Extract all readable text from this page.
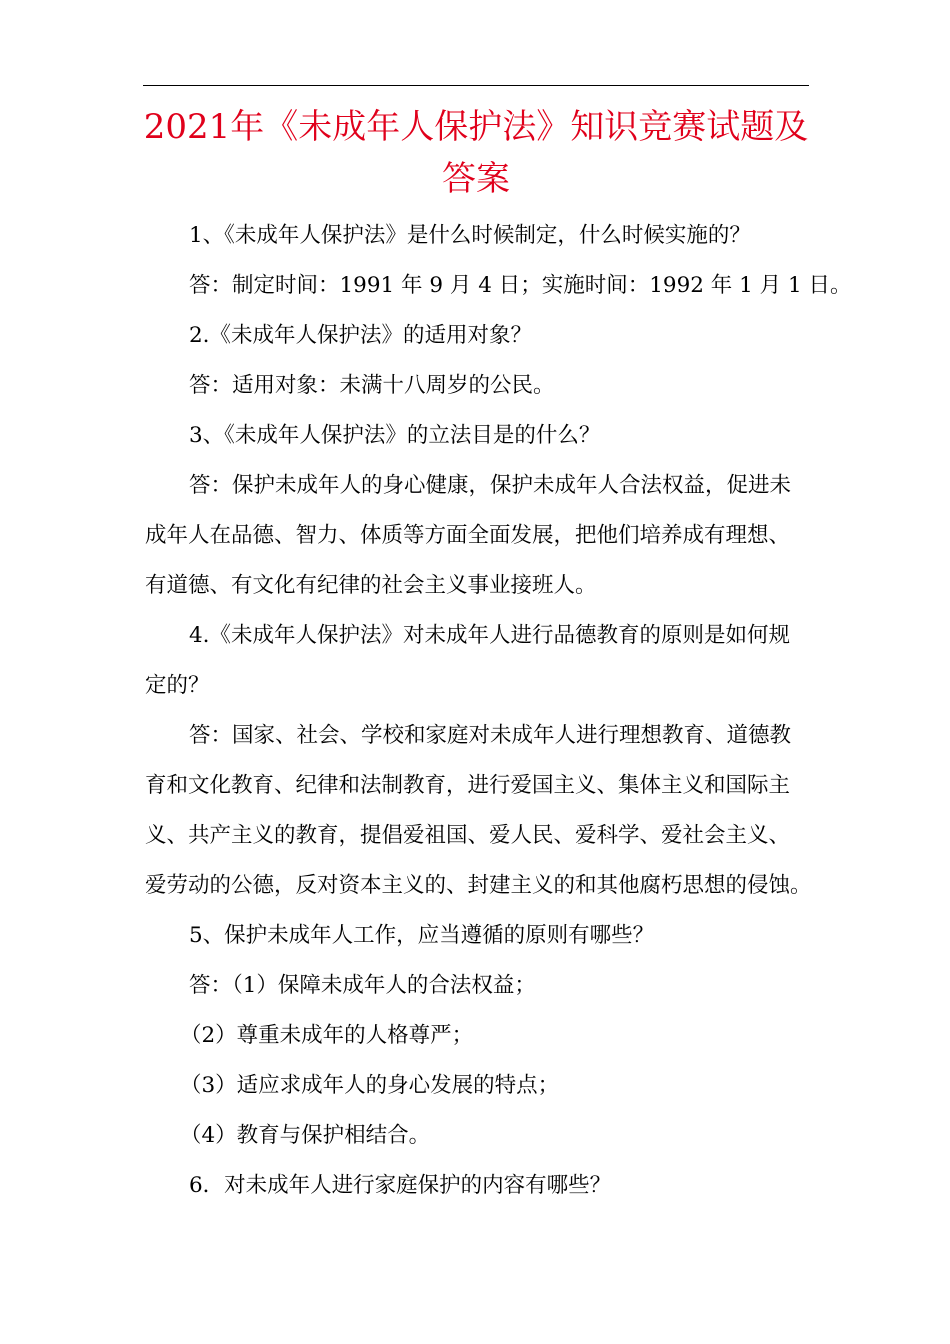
2021年《未成年人保护法》知识竞赛试题及
答案
1、《未成年人保护法》是什么时候制定，什么时候实施的？
答：制定时间：1991 年 9 月 4 日；实施时间：1992 年 1 月 1 日。
2.《未成年人保护法》的适用对象？
答：适用对象：未满十八周岁的公民。
3、《未成年人保护法》的立法目是的什么？
答：保护未成年人的身心健康，保护未成年人合法权益，促进未
成年人在品德、智力、体质等方面全面发展，把他们培养成有理想、
有道德、有文化有纪律的社会主义事业接班人。
4.《未成年人保护法》对未成年人进行品德教育的原则是如何规
定的？
答：国家、社会、学校和家庭对未成年人进行理想教育、道德教
育和文化教育、纪律和法制教育，进行爱国主义、集体主义和国际主
义、共产主义的教育，提倡爱祖国、爱人民、爱科学、爱社会主义、
爱劳动的公德，反对资本主义的、封建主义的和其他腐朽思想的侵蚀。
5、保护未成年人工作，应当遵循的原则有哪些？
答：（1）保障未成年人的合法权益；
（2）尊重未成年的人格尊严；
（3）适应求成年人的身心发展的特点；
（4）教育与保护相结合。
6．对未成年人进行家庭保护的内容有哪些？
